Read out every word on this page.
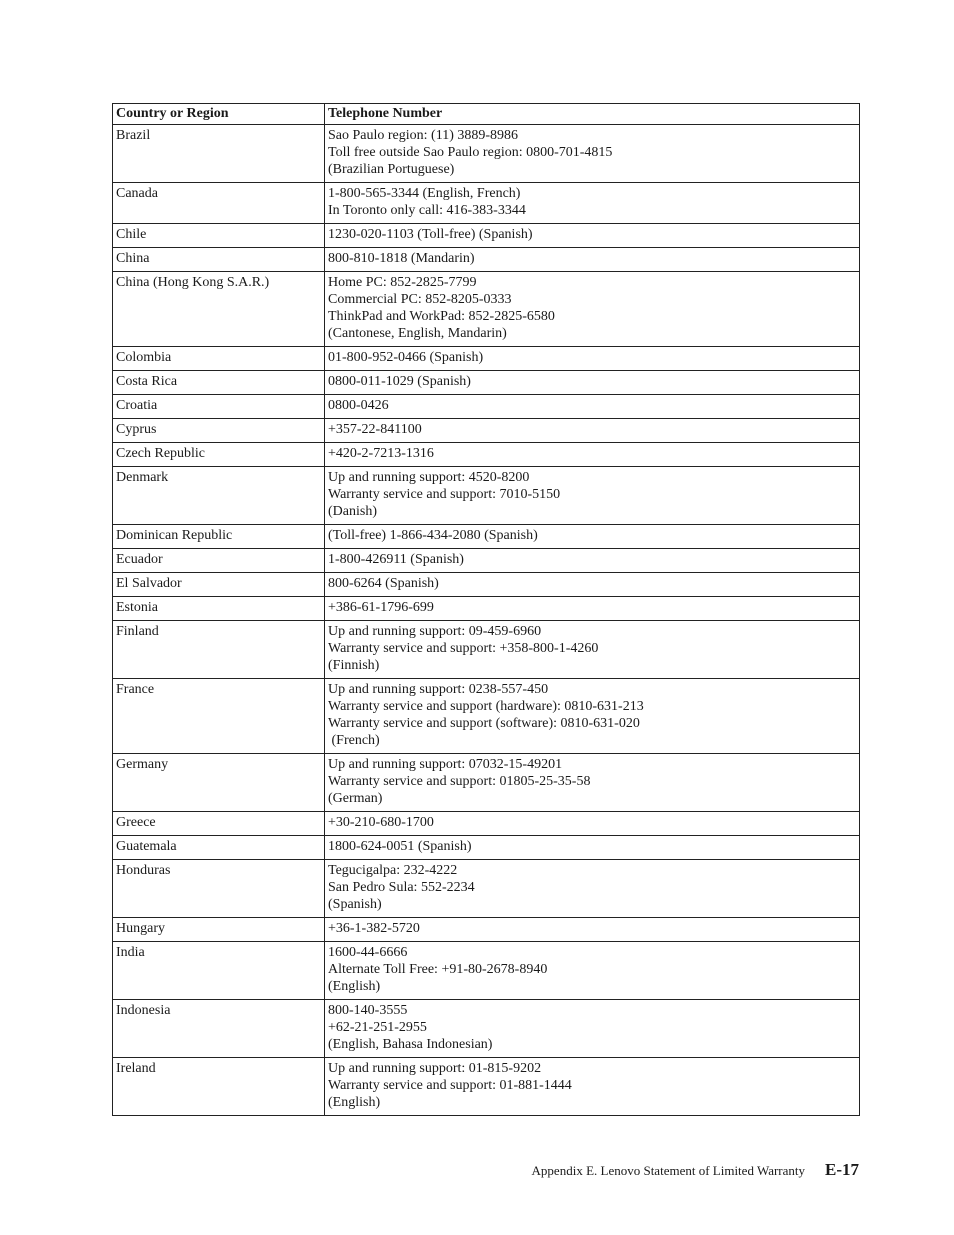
Country or Region	Telephone Number
Brazil	Sao Paulo region: (11) 3889-8986
Toll free outside Sao Paulo region: 0800-701-4815
(Brazilian Portuguese)

Canada	1-800-565-3344 (English, French)
In Toronto only call: 416-383-3344

Chile	1230-020-1103 (Toll-free) (Spanish)

China	800-810-1818 (Mandarin)

China (Hong Kong S.A.R.)	Home PC: 852-2825-7799
Commercial PC: 852-8205-0333
ThinkPad and WorkPad: 852-2825-6580
(Cantonese, English, Mandarin)

Colombia	01-800-952-0466 (Spanish)

Costa Rica	0800-011-1029 (Spanish)

Croatia	0800-0426

Cyprus	+357-22-841100

Czech Republic	+420-2-7213-1316

Denmark	Up and running support: 4520-8200
Warranty service and support: 7010-5150
(Danish)

Dominican Republic	(Toll-free) 1-866-434-2080 (Spanish)

Ecuador	1-800-426911 (Spanish)

El Salvador	800-6264 (Spanish)

Estonia	+386-61-1796-699

Finland	Up and running support: 09-459-6960
Warranty service and support: +358-800-1-4260
(Finnish)

France	Up and running support: 0238-557-450
Warranty service and support (hardware): 0810-631-213
Warranty service and support (software): 0810-631-020
(French)

Germany	Up and running support: 07032-15-49201
Warranty service and support: 01805-25-35-58
(German)

Greece	+30-210-680-1700

Guatemala	1800-624-0051 (Spanish)

Honduras	Tegucigalpa: 232-4222
San Pedro Sula: 552-2234
(Spanish)

Hungary	+36-1-382-5720

India	1600-44-6666
Alternate Toll Free: +91-80-2678-8940
(English)

Indonesia	800-140-3555
+62-21-251-2955
(English, Bahasa Indonesian)

Ireland	Up and running support: 01-815-9202
Warranty service and support: 01-881-1444
(English)
Appendix E. Lenovo Statement of Limited Warranty E-17
